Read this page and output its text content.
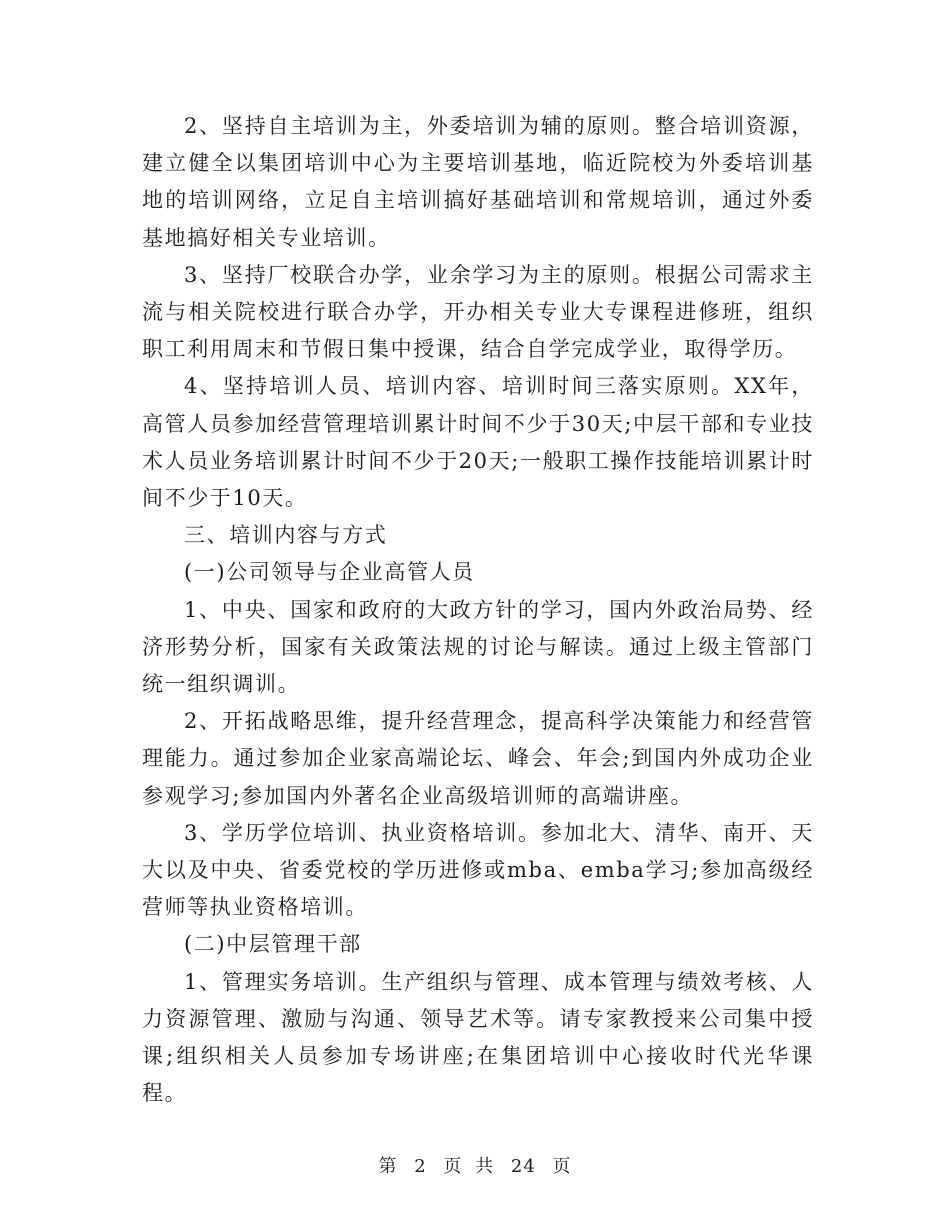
2、坚持自主培训为主，外委培训为辅的原则。整合培训资源，建立健全以集团培训中心为主要培训基地，临近院校为外委培训基地的培训网络，立足自主培训搞好基础培训和常规培训，通过外委基地搞好相关专业培训。

3、坚持厂校联合办学，业余学习为主的原则。根据公司需求主流与相关院校进行联合办学，开办相关专业大专课程进修班，组织职工利用周末和节假日集中授课，结合自学完成学业，取得学历。

4、坚持培训人员、培训内容、培训时间三落实原则。XX年，高管人员参加经营管理培训累计时间不少于30天;中层干部和专业技术人员业务培训累计时间不少于20天;一般职工操作技能培训累计时间不少于10天。

三、培训内容与方式

(一)公司领导与企业高管人员

1、中央、国家和政府的大政方针的学习，国内外政治局势、经济形势分析，国家有关政策法规的讨论与解读。通过上级主管部门统一组织调训。

2、开拓战略思维，提升经营理念，提高科学决策能力和经营管理能力。通过参加企业家高端论坛、峰会、年会;到国内外成功企业参观学习;参加国内外著名企业高级培训师的高端讲座。

3、学历学位培训、执业资格培训。参加北大、清华、南开、天大以及中央、省委党校的学历进修或mba、emba学习;参加高级经营师等执业资格培训。

(二)中层管理干部

1、管理实务培训。生产组织与管理、成本管理与绩效考核、人力资源管理、激励与沟通、领导艺术等。请专家教授来公司集中授课;组织相关人员参加专场讲座;在集团培训中心接收时代光华课程。

第 2 页 共 24 页
